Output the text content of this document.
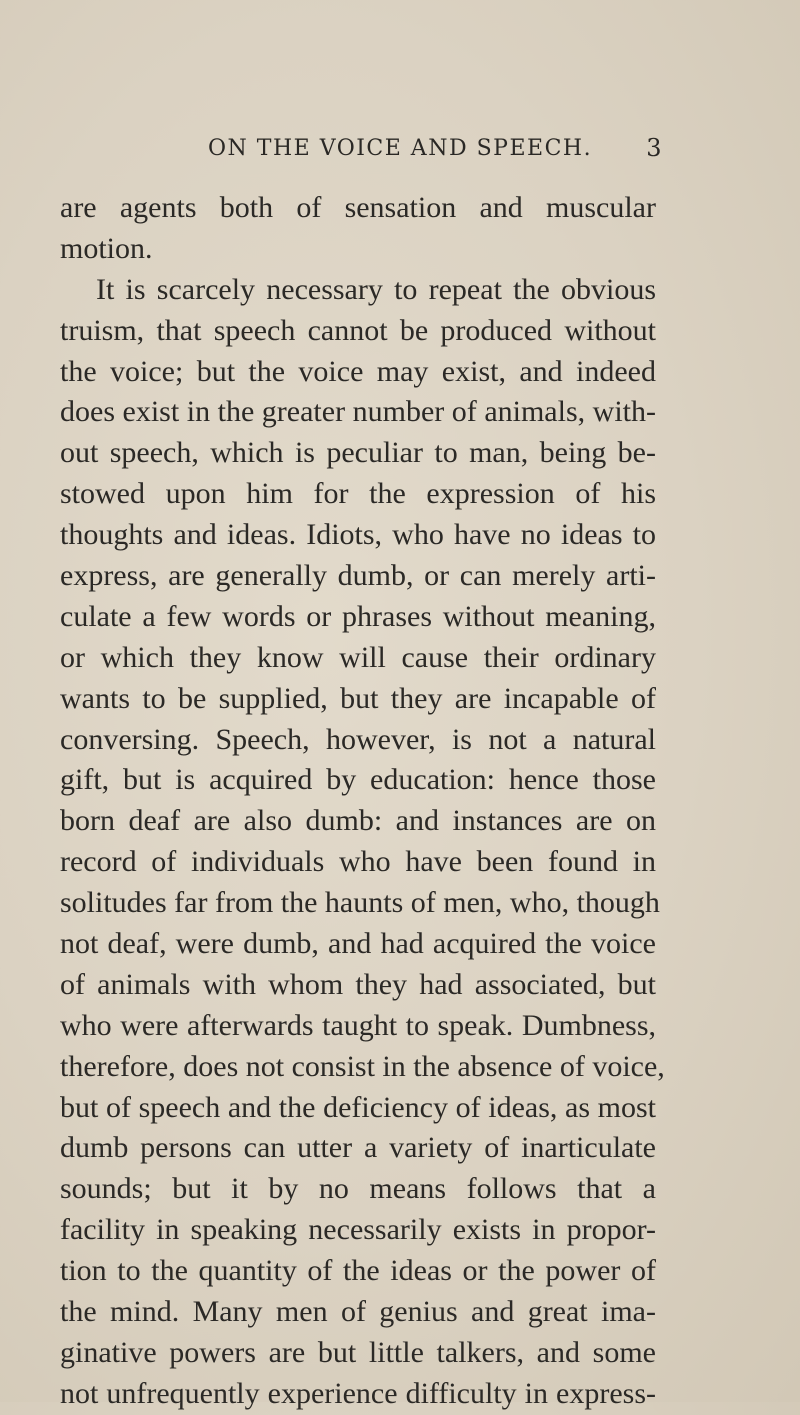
ON THE VOICE AND SPEECH. 3
are agents both of sensation and muscular
motion.
It is scarcely necessary to repeat the obvious
truism, that speech cannot be produced without
the voice; but the voice may exist, and indeed
does exist in the greater number of animals, with-
out speech, which is peculiar to man, being be-
stowed upon him for the expression of his
thoughts and ideas. Idiots, who have no ideas to
express, are generally dumb, or can merely arti-
culate a few words or phrases without meaning,
or which they know will cause their ordinary
wants to be supplied, but they are incapable of
conversing. Speech, however, is not a natural
gift, but is acquired by education: hence those
born deaf are also dumb: and instances are on
record of individuals who have been found in
solitudes far from the haunts of men, who, though
not deaf, were dumb, and had acquired the voice
of animals with whom they had associated, but
who were afterwards taught to speak. Dumbness,
therefore, does not consist in the absence of voice,
but of speech and the deficiency of ideas, as most
dumb persons can utter a variety of inarticulate
sounds; but it by no means follows that a
facility in speaking necessarily exists in propor-
tion to the quantity of the ideas or the power of
the mind. Many men of genius and great ima-
ginative powers are but little talkers, and some
not unfrequently experience difficulty in express-
